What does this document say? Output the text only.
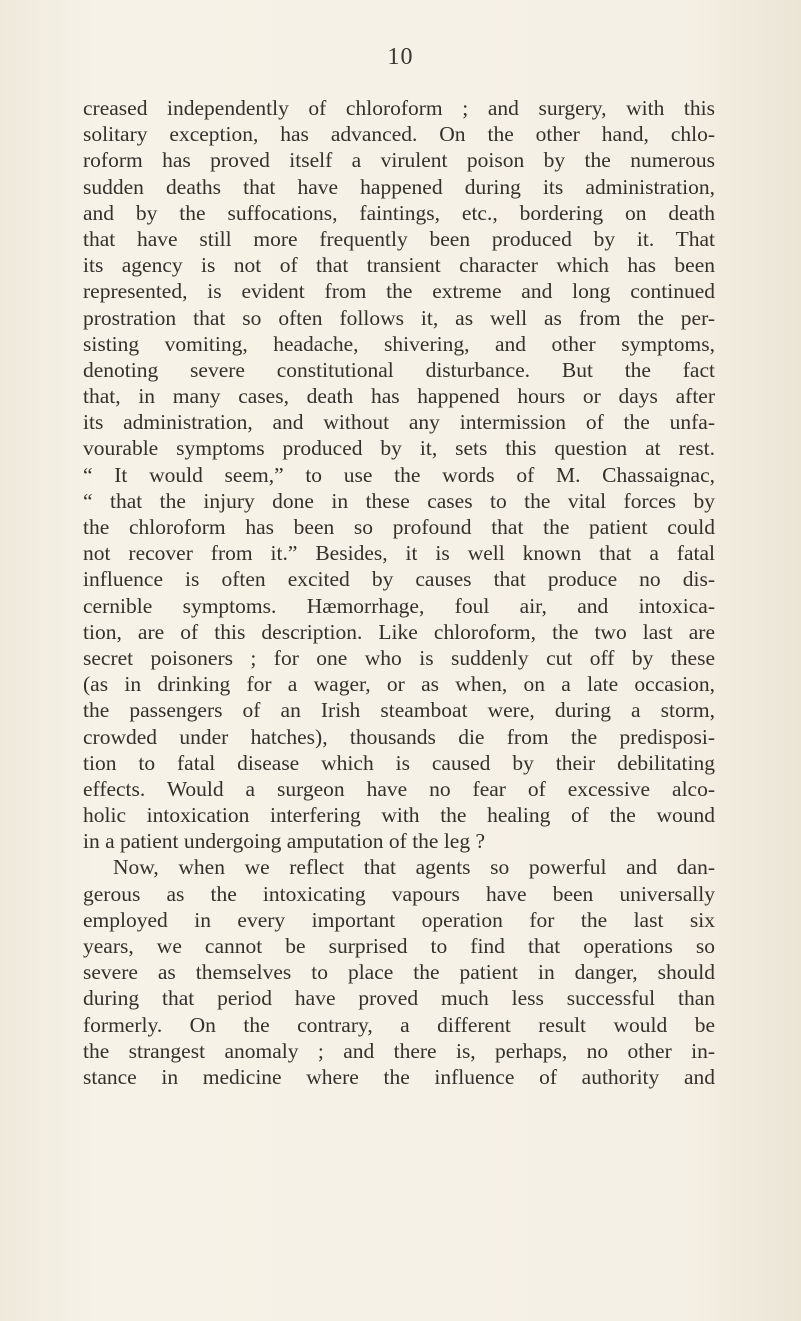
10
creased independently of chloroform ; and surgery, with this
solitary exception, has advanced. On the other hand, chlo-
roform has proved itself a virulent poison by the numerous
sudden deaths that have happened during its administration,
and by the suffocations, faintings, etc., bordering on death
that have still more frequently been produced by it. That
its agency is not of that transient character which has been
represented, is evident from the extreme and long continued
prostration that so often follows it, as well as from the per-
sisting vomiting, headache, shivering, and other symptoms,
denoting severe constitutional disturbance. But the fact
that, in many cases, death has happened hours or days after
its administration, and without any intermission of the unfa-
vourable symptoms produced by it, sets this question at rest.
“ It would seem,” to use the words of M. Chassaignac,
“ that the injury done in these cases to the vital forces by
the chloroform has been so profound that the patient could
not recover from it.” Besides, it is well known that a fatal
influence is often excited by causes that produce no dis-
cernible symptoms. Hæmorrhage, foul air, and intoxica-
tion, are of this description. Like chloroform, the two last are
secret poisoners ; for one who is suddenly cut off by these
(as in drinking for a wager, or as when, on a late occasion,
the passengers of an Irish steamboat were, during a storm,
crowded under hatches), thousands die from the predisposi-
tion to fatal disease which is caused by their debilitating
effects. Would a surgeon have no fear of excessive alco-
holic intoxication interfering with the healing of the wound
in a patient undergoing amputation of the leg ?
Now, when we reflect that agents so powerful and dan-
gerous as the intoxicating vapours have been universally
employed in every important operation for the last six
years, we cannot be surprised to find that operations so
severe as themselves to place the patient in danger, should
during that period have proved much less successful than
formerly. On the contrary, a different result would be
the strangest anomaly ; and there is, perhaps, no other in-
stance in medicine where the influence of authority and
